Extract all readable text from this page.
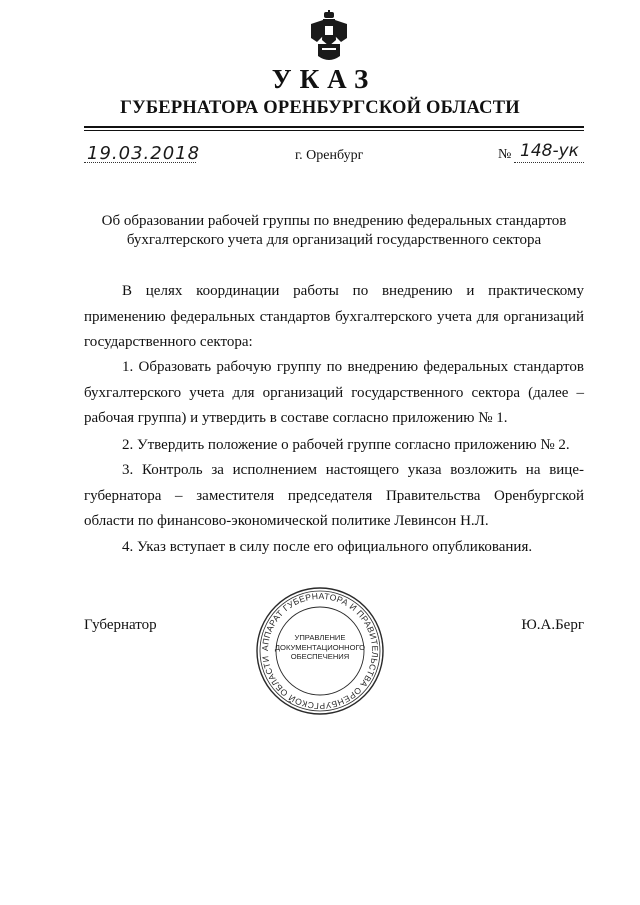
УКАЗ
ГУБЕРНАТОРА ОРЕНБУРГСКОЙ ОБЛАСТИ
19.03.2018	г. Оренбург	№ 148-ук
Об образовании рабочей группы по внедрению федеральных стандартов
бухгалтерского учета для организаций государственного сектора
В целях координации работы по внедрению и практическому применению федеральных стандартов бухгалтерского учета для организаций государственного сектора:
1. Образовать рабочую группу по внедрению федеральных стандартов бухгалтерского учета для организаций государственного сектора (далее – рабочая группа) и утвердить в составе согласно приложению № 1.
2. Утвердить положение о рабочей группе согласно приложению № 2.
3. Контроль за исполнением настоящего указа возложить на вице-губернатора – заместителя председателя Правительства Оренбургской области по финансово-экономической политике Левинсон Н.Л.
4. Указ вступает в силу после его официального опубликования.
Губернатор	Ю.А.Берг
АППАРАТ ГУБЕРНАТОРА И ПРАВИТЕЛЬСТВА ОРЕНБУРГСКОЙ ОБЛАСТИ
УПРАВЛЕНИЕ
ДОКУМЕНТАЦИОННОГО
ОБЕСПЕЧЕНИЯ
